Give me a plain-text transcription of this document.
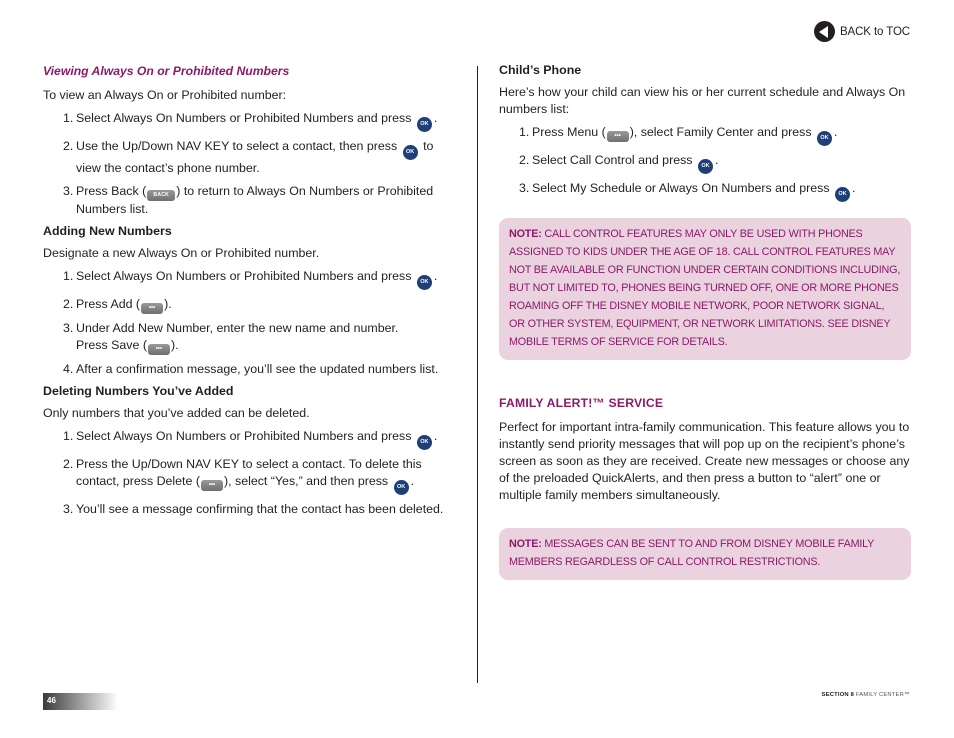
BACK to TOC
Viewing Always On or Prohibited Numbers

To view an Always On or Prohibited number:

1. Select Always On Numbers or Prohibited Numbers and press OK .
2. Use the Up/Down NAV KEY to select a contact, then press OK to view the contact’s phone number.
3. Press Back ( BACK ) to return to Always On Numbers or Prohibited Numbers list.
Adding New Numbers

Designate a new Always On or Prohibited number.

1. Select Always On Numbers or Prohibited Numbers and press OK .
2. Press Add ( ••• ).
3. Under Add New Number, enter the new name and number.
Press Save ( ••• ).
4. After a confirmation message, you’ll see the updated numbers list.
Deleting Numbers You’ve Added

Only numbers that you’ve added can be deleted.

1. Select Always On Numbers or Prohibited Numbers and press OK .
2. Press the Up/Down NAV KEY to select a contact. To delete this contact, press Delete ( ••• ), select “Yes,” and then press OK .
3. You’ll see a message confirming that the contact has been deleted.
Child’s Phone

Here’s how your child can view his or her current schedule and Always On numbers list:

1. Press Menu ( ••• ), select Family Center and press OK .
2. Select Call Control and press OK .
3. Select My Schedule or Always On Numbers and press OK .
NOTE: CALL CONTROL FEATURES MAY ONLY BE USED WITH PHONES ASSIGNED TO KIDS UNDER THE AGE OF 18. CALL CONTROL FEATURES MAY NOT BE AVAILABLE OR FUNCTION UNDER CERTAIN CONDITIONS INCLUDING, BUT NOT LIMITED TO, PHONES BEING TURNED OFF, ONE OR MORE PHONES ROAMING OFF THE DISNEY MOBILE NETWORK, POOR NETWORK SIGNAL, OR OTHER SYSTEM, EQUIPMENT, OR NETWORK LIMITATIONS. SEE DISNEY MOBILE TERMS OF SERVICE FOR DETAILS.
FAMILY ALERT!™ SERVICE

Perfect for important intra-family communication. This feature allows you to instantly send priority messages that will pop up on the recipient’s phone’s screen as soon as they are received. Create new messages or choose any of the preloaded QuickAlerts, and then press a button to “alert” one or multiple family members simultaneously.

NOTE: MESSAGES CAN BE SENT TO AND FROM DISNEY MOBILE FAMILY MEMBERS REGARDLESS OF CALL CONTROL RESTRICTIONS.
46
SECTION 8 FAMILY CENTER™
